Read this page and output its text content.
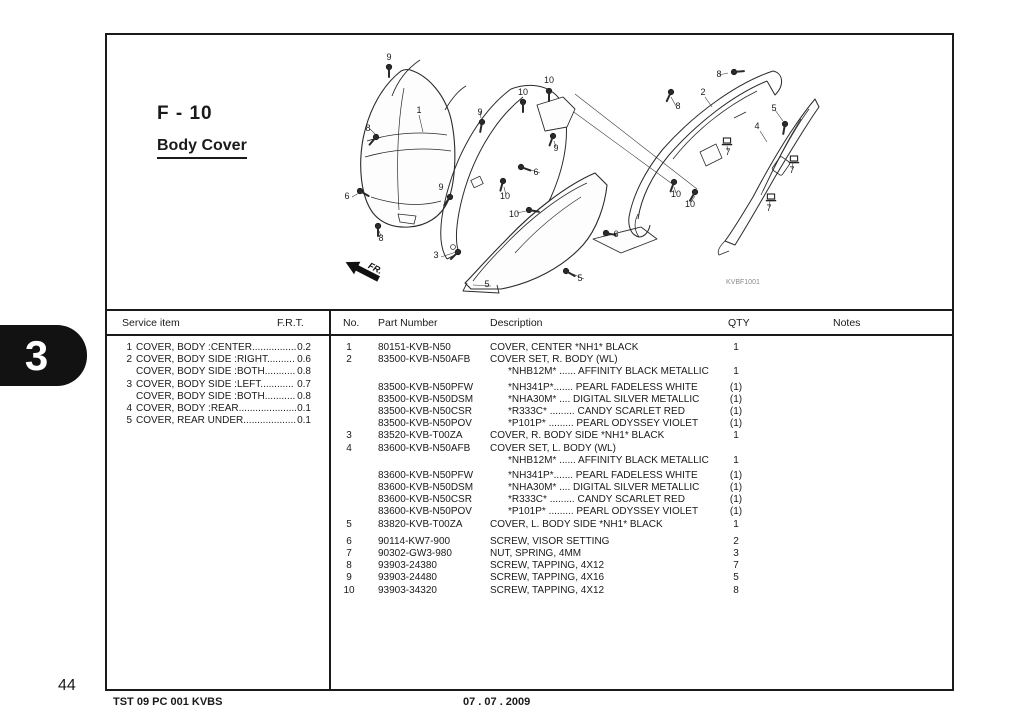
F - 10
Body Cover
3
Service item	F.R.T.
1 COVER, BODY :CENTER................ 0.2
2 COVER, BODY SIDE :RIGHT.......... 0.6
COVER, BODY SIDE :BOTH........... 0.8
3 COVER, BODY SIDE :LEFT............ 0.7
COVER, BODY SIDE :BOTH........... 0.8
4 COVER, BODY :REAR..................... 0.1
5 COVER, REAR UNDER................... 0.1
No. Part Number	Description	QTY	Notes
1	80151-KVB-N50	COVER, CENTER *NH1* BLACK	1
2	83500-KVB-N50AFB COVER SET, R. BODY (WL)
*NHB12M* ...... AFFINITY BLACK METALLIC	1
83500-KVB-N50PFW	*NH341P*....... PEARL FADELESS WHITE	(1)
83500-KVB-N50DSM	*NHA30M* .... DIGITAL SILVER METALLIC	(1)
83500-KVB-N50CSR	*R333C* ......... CANDY SCARLET RED	(1)
83500-KVB-N50POV	*P101P* ......... PEARL ODYSSEY VIOLET	(1)
3	83520-KVB-T00ZA	COVER, R. BODY SIDE *NH1* BLACK	1
4	83600-KVB-N50AFB COVER SET, L. BODY (WL)
*NHB12M* ...... AFFINITY BLACK METALLIC	1
83600-KVB-N50PFW	*NH341P*....... PEARL FADELESS WHITE	(1)
83600-KVB-N50DSM	*NHA30M* .... DIGITAL SILVER METALLIC	(1)
83600-KVB-N50CSR	*R333C* ......... CANDY SCARLET RED	(1)
83600-KVB-N50POV	*P101P* ......... PEARL ODYSSEY VIOLET	(1)
5	83820-KVB-T00ZA	COVER, L. BODY SIDE *NH1* BLACK	1
6	90114-KW7-900	SCREW, VISOR SETTING	2
7	90302-GW3-980	NUT, SPRING, 4MM	3
8	93903-24380	SCREW, TAPPING, 4X12	7
9	93903-24480	SCREW, TAPPING, 4X16	5
10	93903-34320	SCREW, TAPPING, 4X12	8
44
TST 09 PC 001 KVBS	07 . 07 . 2009
9
1
8
9
10
10
9
6
9
6
8
3
5
10
10
8
2
8	5
4
7
7
10
10	7
6
5
FR.
KVBF1001
